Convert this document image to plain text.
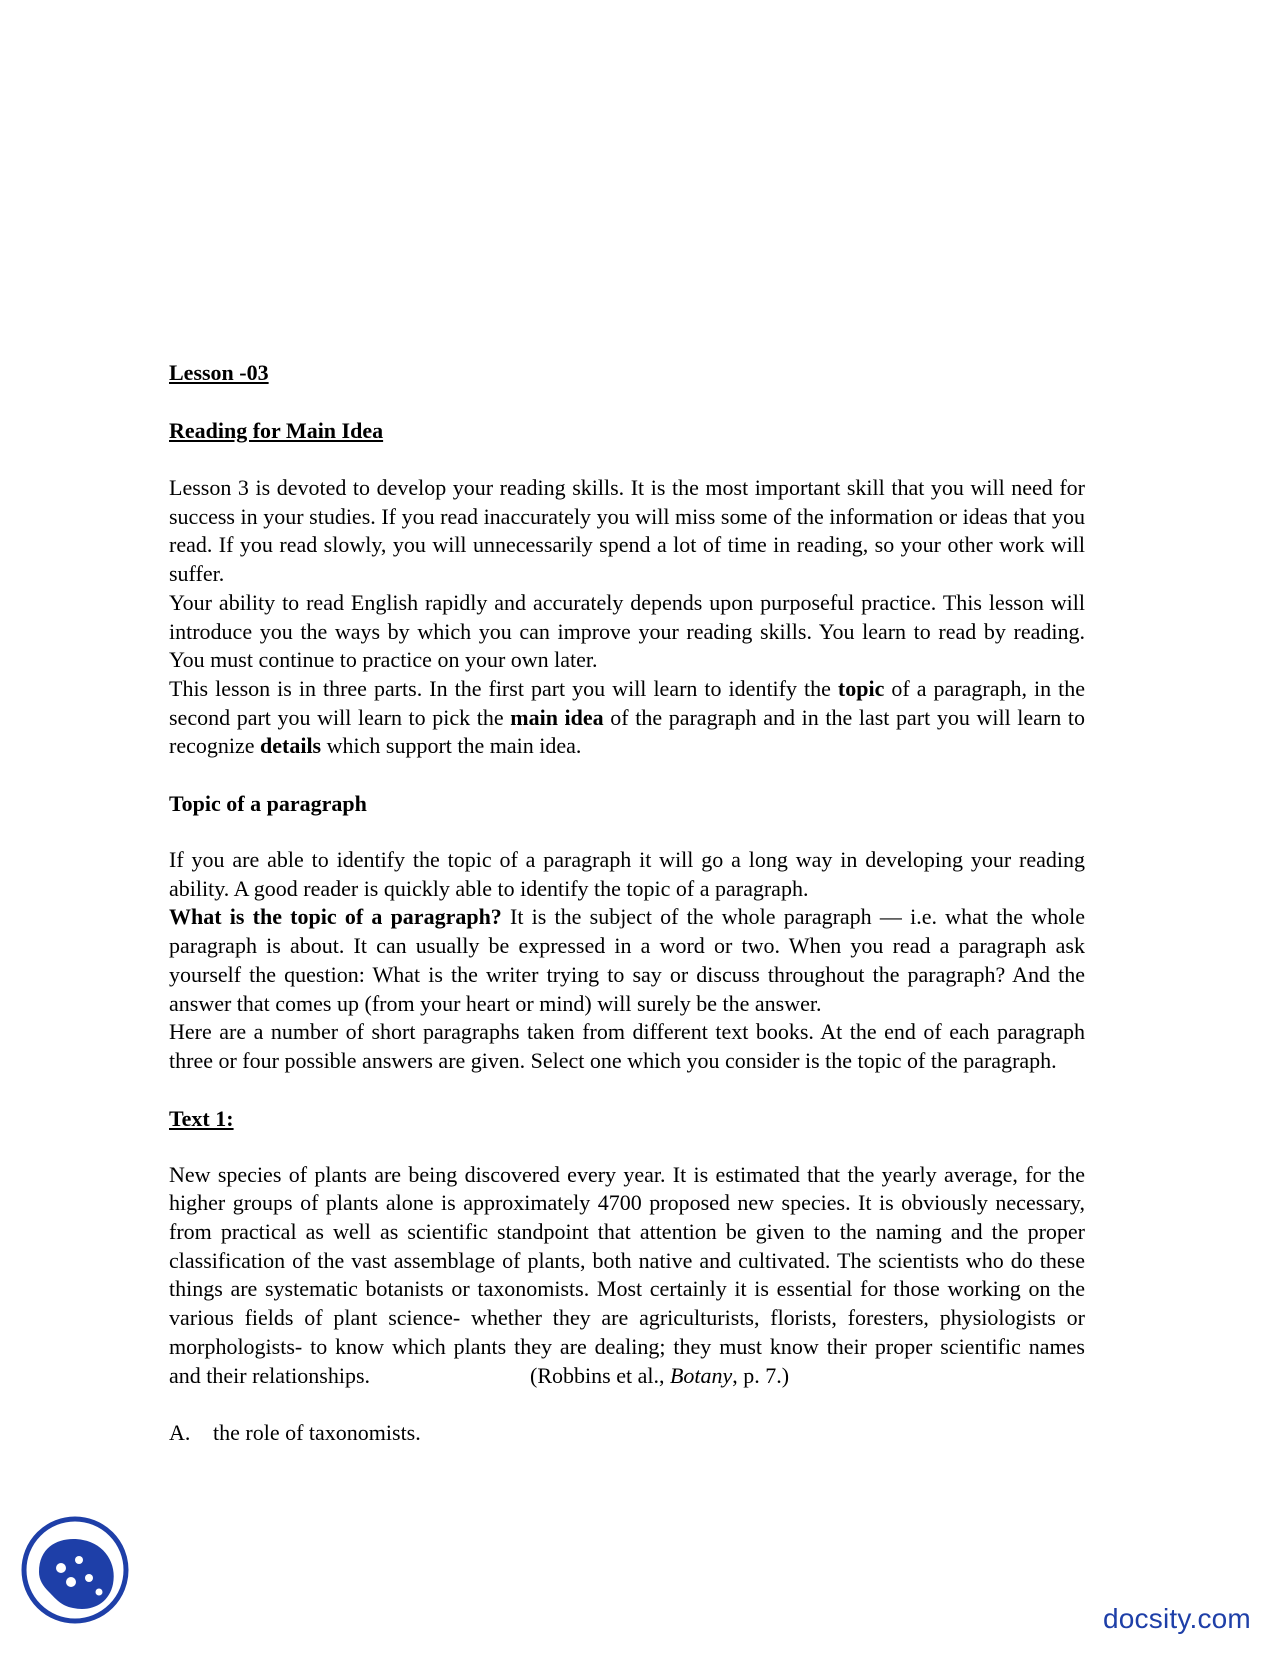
Lesson -03
Reading for Main Idea

Lesson 3 is devoted to develop your reading skills. It is the most important skill that you will need for success in your studies. If you read inaccurately you will miss some of the information or ideas that you read. If you read slowly, you will unnecessarily spend a lot of time in reading, so your other work will suffer.

Your ability to read English rapidly and accurately depends upon purposeful practice. This lesson will introduce you the ways by which you can improve your reading skills. You learn to read by reading. You must continue to practice on your own later.

This lesson is in three parts. In the first part you will learn to identify the topic of a paragraph, in the second part you will learn to pick the main idea of the paragraph and in the last part you will learn to recognize details which support the main idea.

Topic of a paragraph

If you are able to identify the topic of a paragraph it will go a long way in developing your reading ability. A good reader is quickly able to identify the topic of a paragraph.

What is the topic of a paragraph? It is the subject of the whole paragraph — i.e. what the whole paragraph is about. It can usually be expressed in a word or two. When you read a paragraph ask yourself the question: What is the writer trying to say or discuss throughout the paragraph? And the answer that comes up (from your heart or mind) will surely be the answer.

Here are a number of short paragraphs taken from different text books. At the end of each paragraph three or four possible answers are given. Select one which you consider is the topic of the paragraph.

Text 1:

New species of plants are being discovered every year. It is estimated that the yearly average, for the higher groups of plants alone is approximately 4700 proposed new species. It is obviously necessary, from practical as well as scientific standpoint that attention be given to the naming and the proper classification of the vast assemblage of plants, both native and cultivated. The scientists who do these things are systematic botanists or taxonomists. Most certainly it is essential for those working on the various fields of plant science- whether they are agriculturists, florists, foresters, physiologists or morphologists- to know which plants they are dealing; they must know their proper scientific names and their relationships.	(Robbins et al., Botany, p. 7.)

A. the role of taxonomists.
docsity.com
